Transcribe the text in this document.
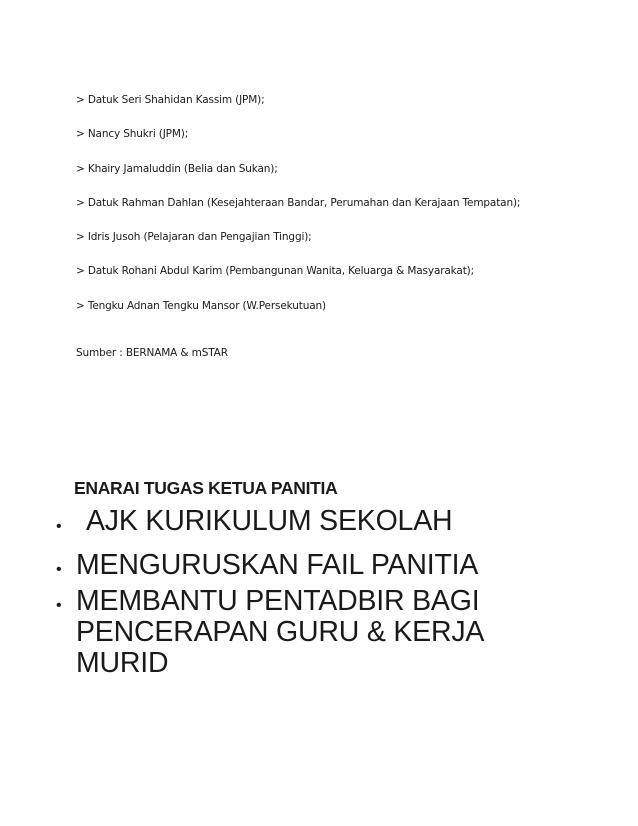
> Datuk Seri Shahidan Kassim (JPM);
> Nancy Shukri (JPM);
> Khairy Jamaluddin (Belia dan Sukan);
> Datuk Rahman Dahlan (Kesejahteraan Bandar, Perumahan dan Kerajaan Tempatan);
> Idris Jusoh (Pelajaran dan Pengajian Tinggi);
> Datuk Rohani Abdul Karim (Pembangunan Wanita, Keluarga & Masyarakat);
> Tengku Adnan Tengku Mansor (W.Persekutuan)
Sumber : BERNAMA & mSTAR
ENARAI TUGAS KETUA PANITIA
• AJK KURIKULUM SEKOLAH
• MENGURUSKAN FAIL PANITIA
• MEMBANTU PENTADBIR BAGI PENCERAPAN GURU & KERJA MURID
